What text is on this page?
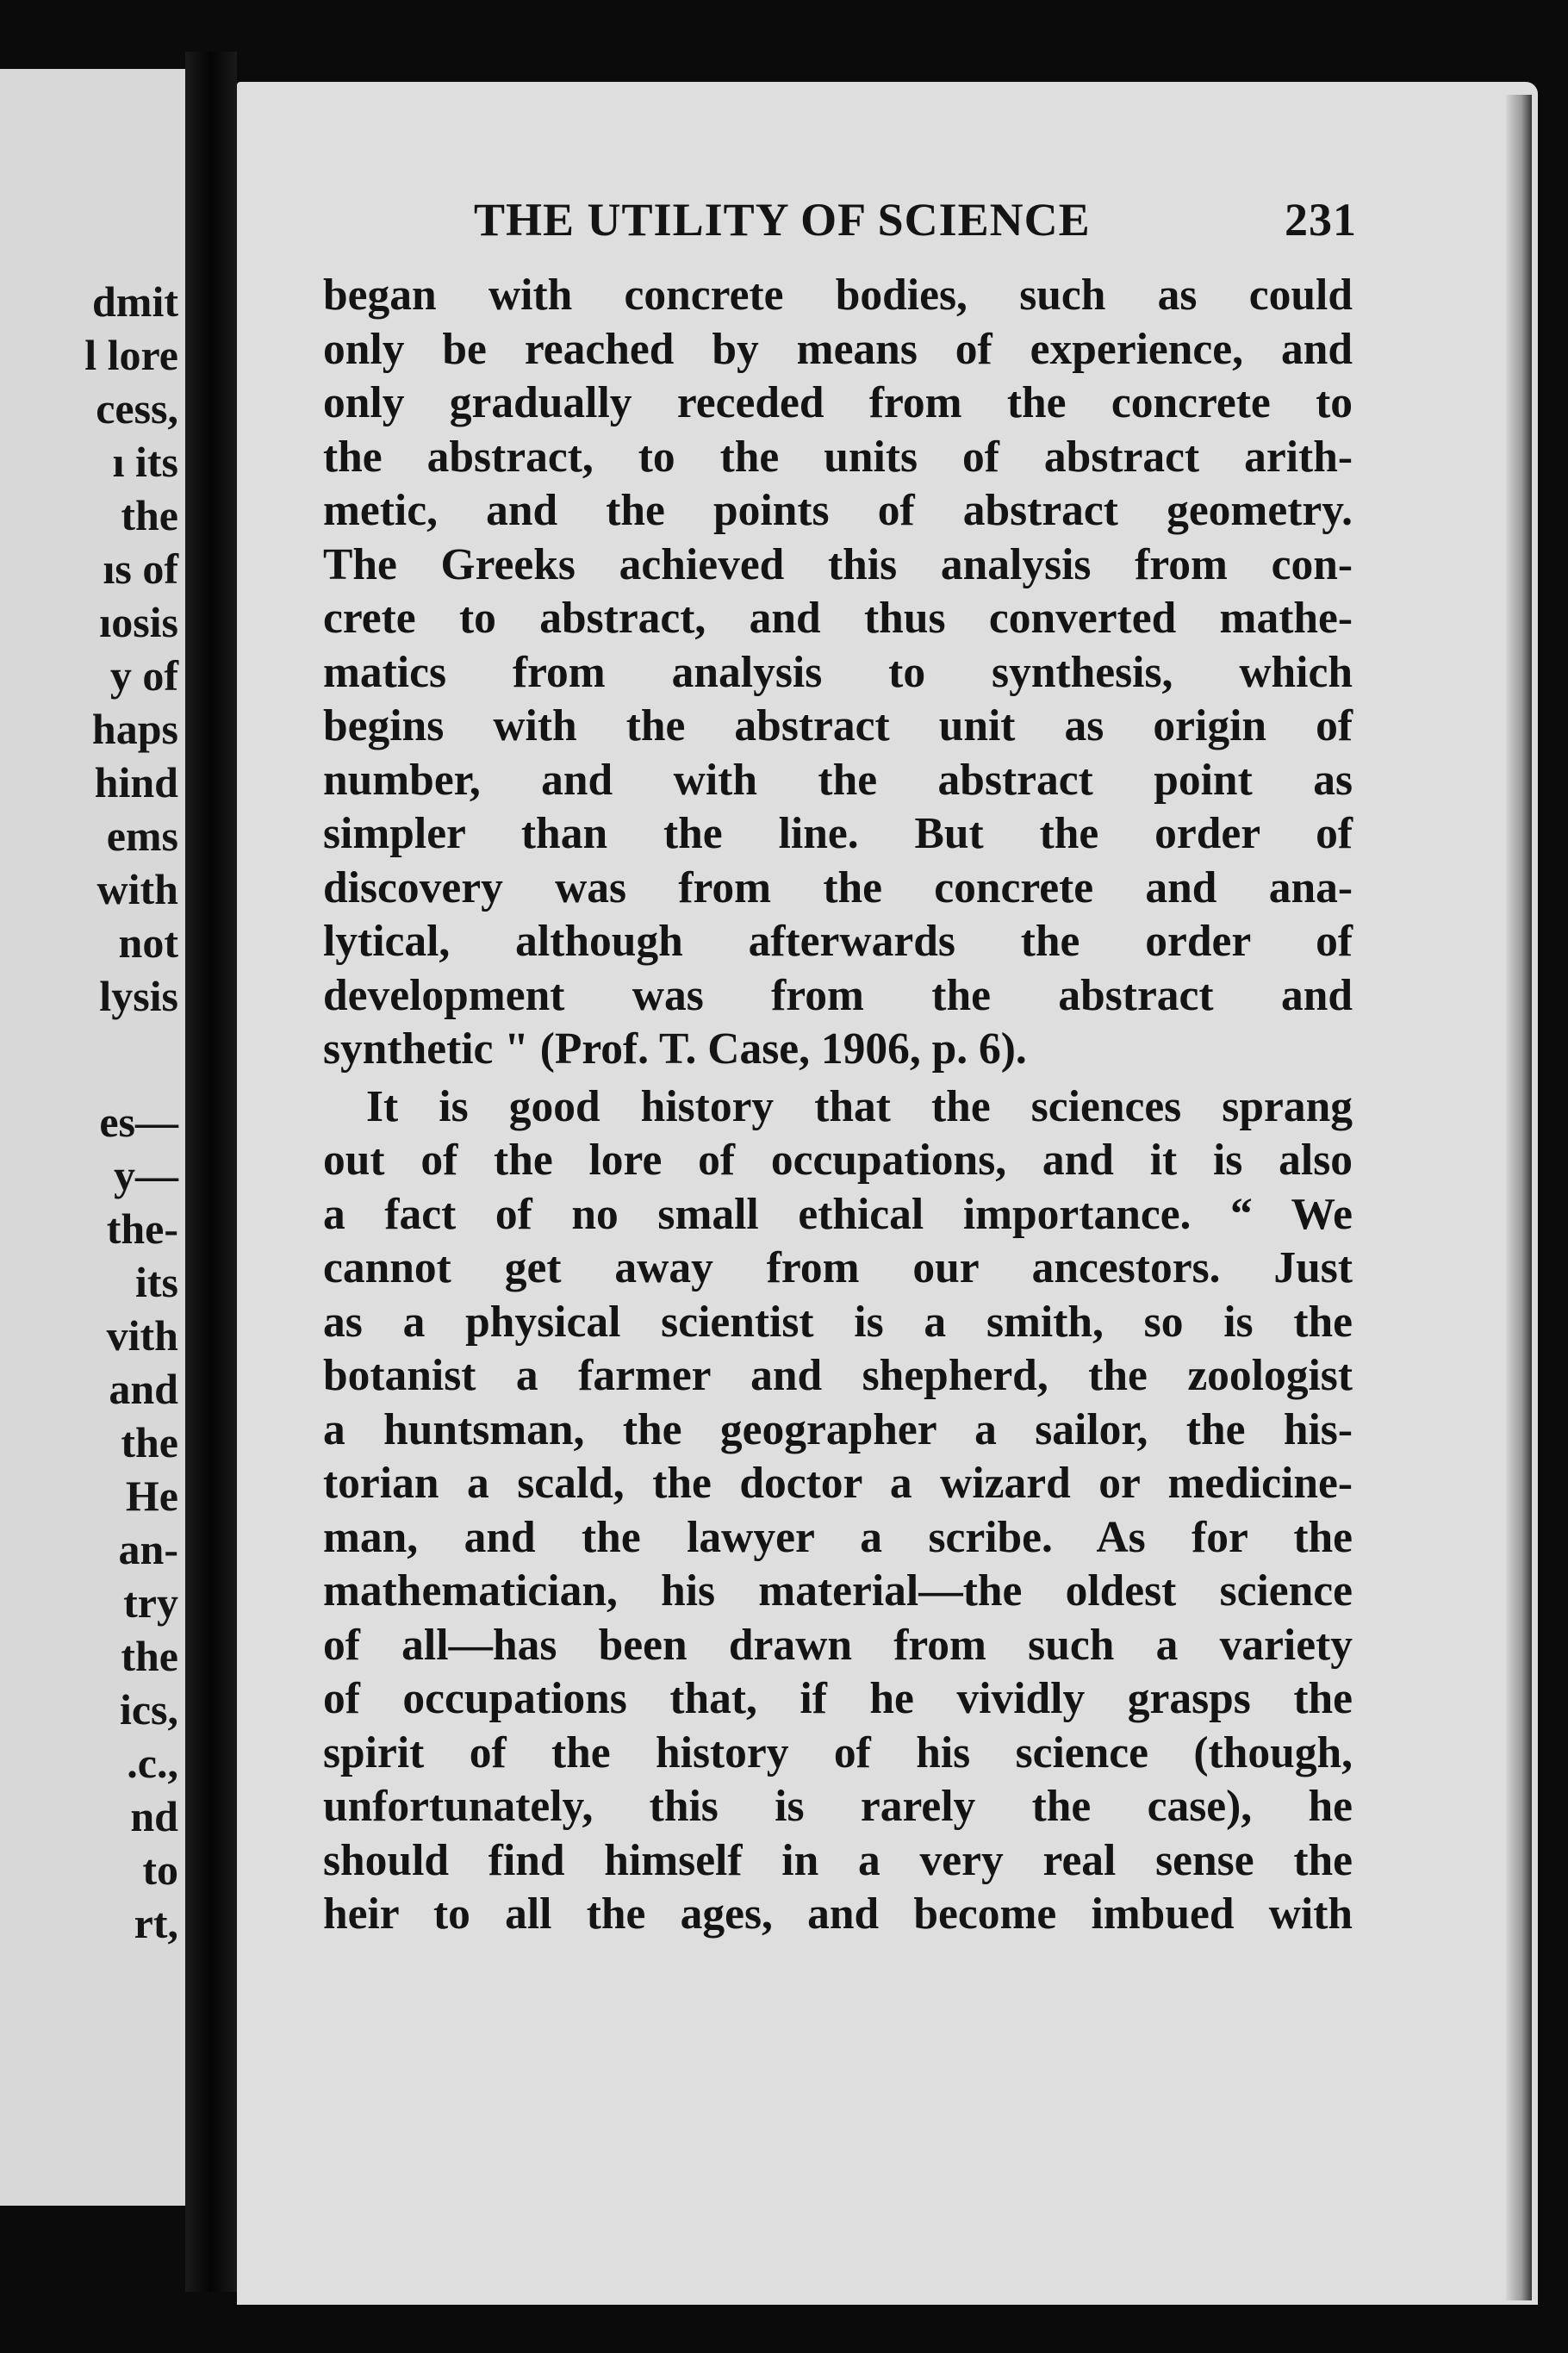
dmit
l lore
cess,
ı its
the
ıs of
ıosis
y of
haps
hind
ems
with
not
lysis
es—
y—
the-
its
vith
and
the
He
an-
try
the
ics,
.c.,
nd
to
rt,
THE UTILITY OF SCIENCE	231
began with concrete bodies, such as could
only be reached by means of experience, and
only gradually receded from the concrete to
the abstract, to the units of abstract arith-
metic, and the points of abstract geometry.
The Greeks achieved this analysis from con-
crete to abstract, and thus converted mathe-
matics from analysis to synthesis, which
begins with the abstract unit as origin of
number, and with the abstract point as
simpler than the line. But the order of
discovery was from the concrete and ana-
lytical, although afterwards the order of
development was from the abstract and
synthetic " (Prof. T. Case, 1906, p. 6).
It is good history that the sciences sprang
out of the lore of occupations, and it is also
a fact of no small ethical importance. “ We
cannot get away from our ancestors. Just
as a physical scientist is a smith, so is the
botanist a farmer and shepherd, the zoologist
a huntsman, the geographer a sailor, the his-
torian a scald, the doctor a wizard or medicine-
man, and the lawyer a scribe. As for the
mathematician, his material—the oldest science
of all—has been drawn from such a variety
of occupations that, if he vividly grasps the
spirit of the history of his science (though,
unfortunately, this is rarely the case), he
should find himself in a very real sense the
heir to all the ages, and become imbued with
